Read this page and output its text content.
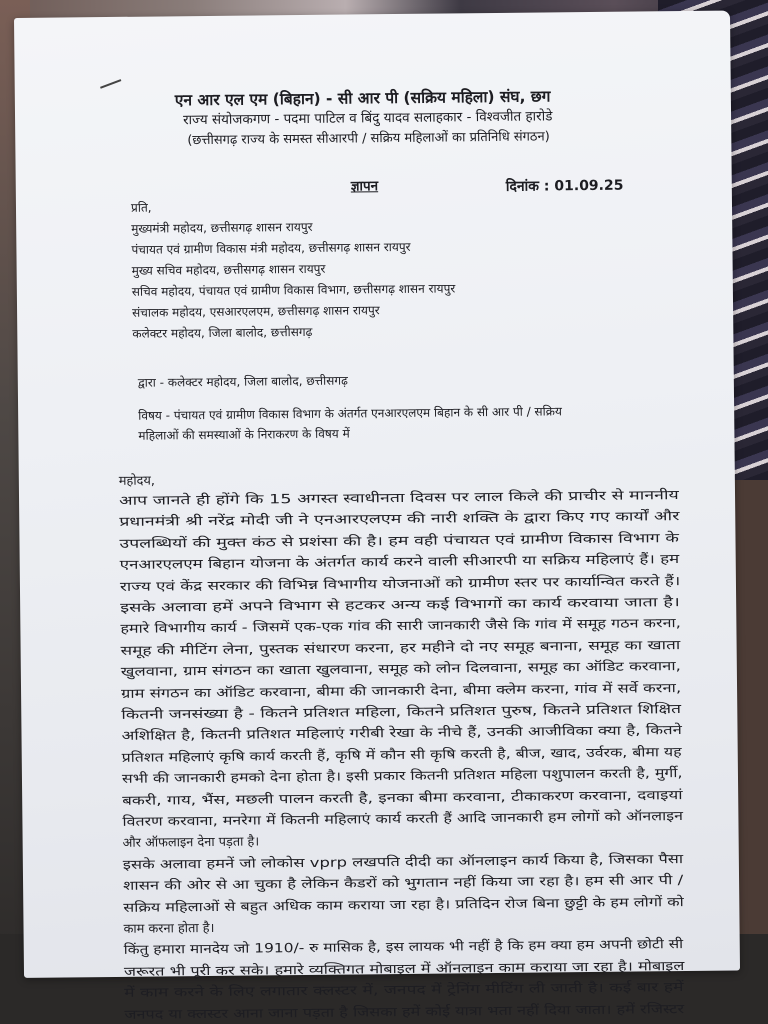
एन आर एल एम (बिहान) - सी आर पी (सक्रिय महिला) संघ, छग
राज्य संयोजकगण - पदमा पाटिल व बिंदु यादव सलाहकार - विश्वजीत हारोडे
(छत्तीसगढ़ राज्य के समस्त सीआरपी / सक्रिय महिलाओं का प्रतिनिधि संगठन)
ज्ञापन	दिनांक : 01.09.25
प्रति,
मुख्यमंत्री महोदय, छत्तीसगढ़ शासन रायपुर
पंचायत एवं ग्रामीण विकास मंत्री महोदय, छत्तीसगढ़ शासन रायपुर
मुख्य सचिव महोदय, छत्तीसगढ़ शासन रायपुर
सचिव महोदय, पंचायत एवं ग्रामीण विकास विभाग, छत्तीसगढ़ शासन रायपुर
संचालक महोदय, एसआरएलएम, छत्तीसगढ़ शासन रायपुर
कलेक्टर महोदय, जिला बालोद, छत्तीसगढ़
द्वारा - कलेक्टर महोदय, जिला बालोद, छत्तीसगढ़
विषय - पंचायत एवं ग्रामीण विकास विभाग के अंतर्गत एनआरएलएम बिहान के सी आर पी / सक्रिय
महिलाओं की समस्याओं के निराकरण के विषय में
महोदय,
आप जानते ही होंगे कि 15 अगस्त स्वाधीनता दिवस पर लाल किले की प्राचीर से माननीय
प्रधानमंत्री श्री नरेंद्र मोदी जी ने एनआरएलएम की नारी शक्ति के द्वारा किए गए कार्यों और
उपलब्धियों की मुक्त कंठ से प्रशंसा की है। हम वही पंचायत एवं ग्रामीण विकास विभाग के
एनआरएलएम बिहान योजना के अंतर्गत कार्य करने वाली सीआरपी या सक्रिय महिलाएं हैं। हम
राज्य एवं केंद्र सरकार की विभिन्न विभागीय योजनाओं को ग्रामीण स्तर पर कार्यान्वित करते हैं।
इसके अलावा हमें अपने विभाग से हटकर अन्य कई विभागों का कार्य करवाया जाता है।
हमारे विभागीय कार्य - जिसमें एक-एक गांव की सारी जानकारी जैसे कि गांव में समूह गठन करना,
समूह की मीटिंग लेना, पुस्तक संधारण करना, हर महीने दो नए समूह बनाना, समूह का खाता
खुलवाना, ग्राम संगठन का खाता खुलवाना, समूह को लोन दिलवाना, समूह का ऑडिट करवाना,
ग्राम संगठन का ऑडिट करवाना, बीमा की जानकारी देना, बीमा क्लेम करना, गांव में सर्वे करना,
कितनी जनसंख्या है - कितने प्रतिशत महिला, कितने प्रतिशत पुरुष, कितने प्रतिशत शिक्षित
अशिक्षित है, कितनी प्रतिशत महिलाएं गरीबी रेखा के नीचे हैं, उनकी आजीविका क्या है, कितने
प्रतिशत महिलाएं कृषि कार्य करती हैं, कृषि में कौन सी कृषि करती है, बीज, खाद, उर्वरक, बीमा यह
सभी की जानकारी हमको देना होता है। इसी प्रकार कितनी प्रतिशत महिला पशुपालन करती है, मुर्गी,
बकरी, गाय, भैंस, मछली पालन करती है, इनका बीमा करवाना, टीकाकरण करवाना, दवाइयां
वितरण करवाना, मनरेगा में कितनी महिलाएं कार्य करती हैं आदि जानकारी हम लोगों को ऑनलाइन
और ऑफलाइन देना पड़ता है।
इसके अलावा हमनें जो लोकोस vprp लखपति दीदी का ऑनलाइन कार्य किया है, जिसका पैसा
शासन की ओर से आ चुका है लेकिन कैडरों को भुगतान नहीं किया जा रहा है। हम सी आर पी /
सक्रिय महिलाओं से बहुत अधिक काम कराया जा रहा है। प्रतिदिन रोज बिना छुट्टी के हम लोगों को
काम करना होता है।
किंतु हमारा मानदेय जो 1910/- रु मासिक है, इस लायक भी नहीं है कि हम क्या हम अपनी छोटी सी
जरूरत भी पूरी कर सके। हमारे व्यक्तिगत मोबाइल में ऑनलाइन काम कराया जा रहा है। मोबाइल
में काम करने के लिए लगातार क्लस्टर में, जनपद में ट्रेनिंग मीटिंग ली जाती है। कई बार हमें
जनपद या क्लस्टर आना जाना पड़ता है जिसका हमें कोई यात्रा भता नहीं दिया जाता। हमें रजिस्टर
